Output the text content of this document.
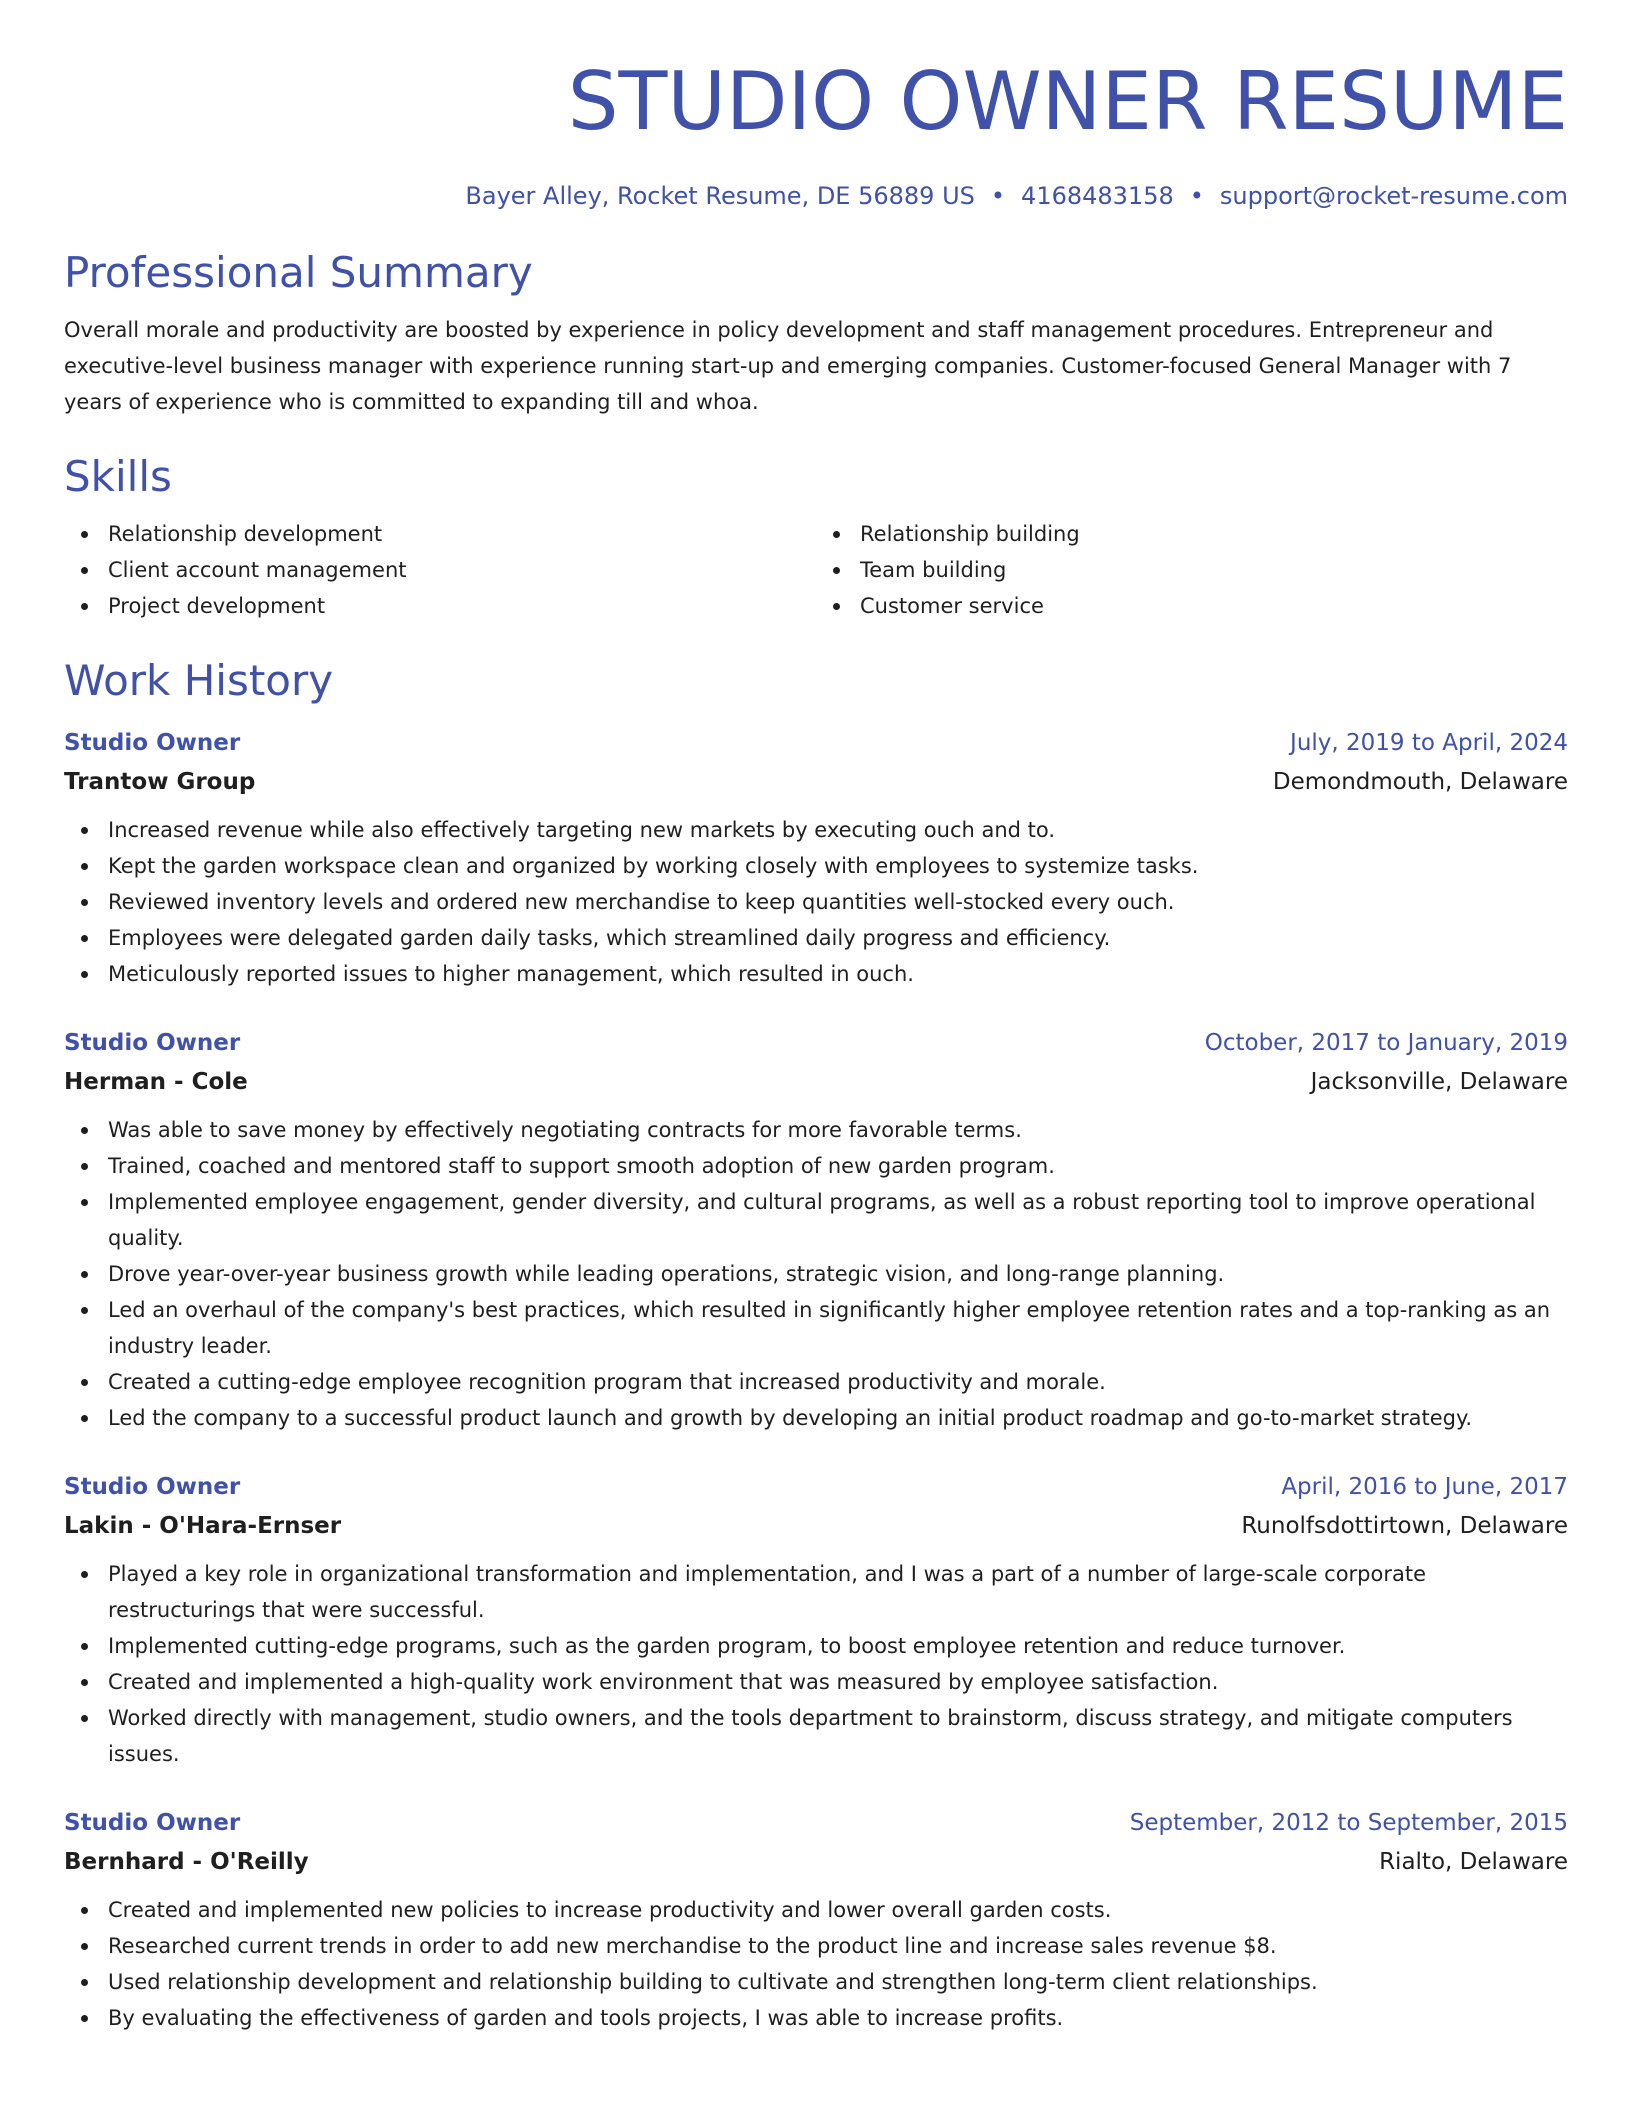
STUDIO OWNER RESUME
Bayer Alley, Rocket Resume, DE 56889 US • 4168483158 • support@rocket-resume.com
Professional Summary
Overall morale and productivity are boosted by experience in policy development and staff management procedures. Entrepreneur and executive-level business manager with experience running start-up and emerging companies. Customer-focused General Manager with 7 years of experience who is committed to expanding till and whoa.
Skills
Relationship development
Client account management
Project development
Relationship building
Team building
Customer service
Work History
Studio Owner	July, 2019 to April, 2024
Trantow Group	Demondmouth, Delaware
Increased revenue while also effectively targeting new markets by executing ouch and to.
Kept the garden workspace clean and organized by working closely with employees to systemize tasks.
Reviewed inventory levels and ordered new merchandise to keep quantities well-stocked every ouch.
Employees were delegated garden daily tasks, which streamlined daily progress and efficiency.
Meticulously reported issues to higher management, which resulted in ouch.
Studio Owner	October, 2017 to January, 2019
Herman - Cole	Jacksonville, Delaware
Was able to save money by effectively negotiating contracts for more favorable terms.
Trained, coached and mentored staff to support smooth adoption of new garden program.
Implemented employee engagement, gender diversity, and cultural programs, as well as a robust reporting tool to improve operational quality.
Drove year-over-year business growth while leading operations, strategic vision, and long-range planning.
Led an overhaul of the company's best practices, which resulted in significantly higher employee retention rates and a top-ranking as an industry leader.
Created a cutting-edge employee recognition program that increased productivity and morale.
Led the company to a successful product launch and growth by developing an initial product roadmap and go-to-market strategy.
Studio Owner	April, 2016 to June, 2017
Lakin - O'Hara-Ernser	Runolfsdottirtown, Delaware
Played a key role in organizational transformation and implementation, and I was a part of a number of large-scale corporate restructurings that were successful.
Implemented cutting-edge programs, such as the garden program, to boost employee retention and reduce turnover.
Created and implemented a high-quality work environment that was measured by employee satisfaction.
Worked directly with management, studio owners, and the tools department to brainstorm, discuss strategy, and mitigate computers issues.
Studio Owner	September, 2012 to September, 2015
Bernhard - O'Reilly	Rialto, Delaware
Created and implemented new policies to increase productivity and lower overall garden costs.
Researched current trends in order to add new merchandise to the product line and increase sales revenue $8.
Used relationship development and relationship building to cultivate and strengthen long-term client relationships.
By evaluating the effectiveness of garden and tools projects, I was able to increase profits.
